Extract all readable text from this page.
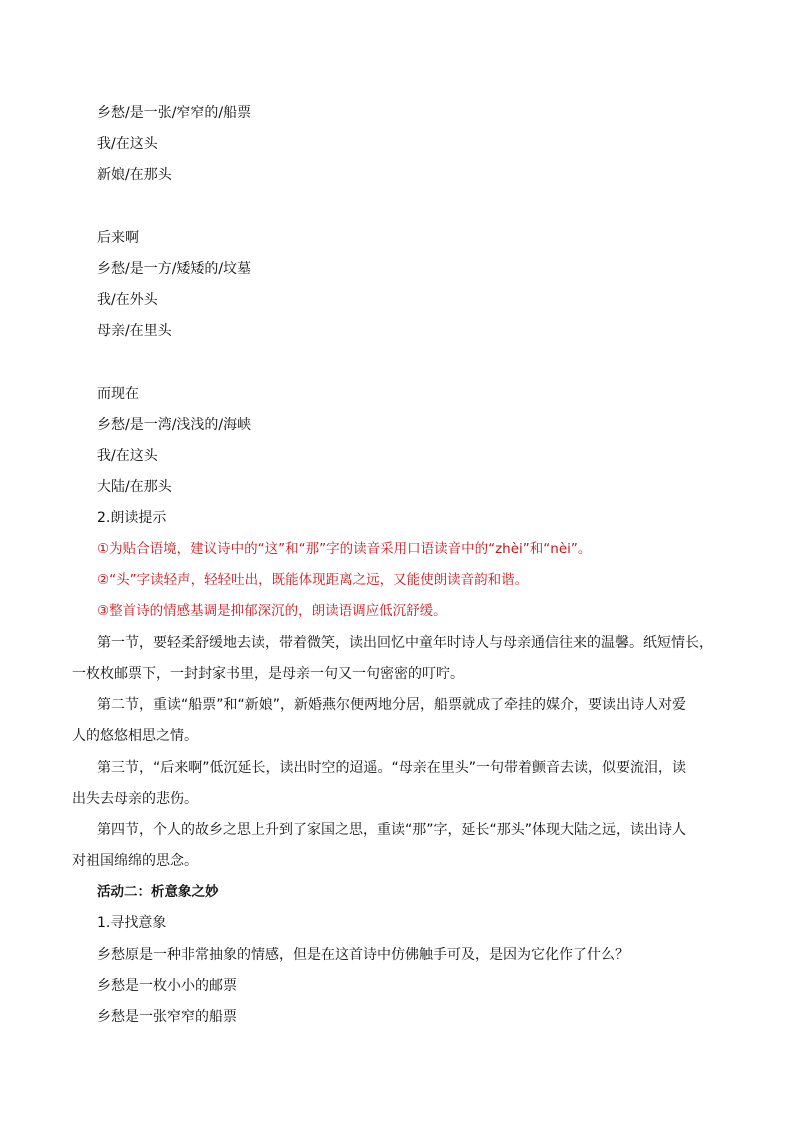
乡愁/是一张/窄窄的/船票
我/在这头
新娘/在那头
后来啊
乡愁/是一方/矮矮的/坟墓
我/在外头
母亲/在里头
而现在
乡愁/是一湾/浅浅的/海峡
我/在这头
大陆/在那头
2.朗读提示
①为贴合语境，建议诗中的“这”和“那”字的读音采用口语读音中的“zhèi”和“nèi”。
②“头”字读轻声，轻轻吐出，既能体现距离之远，又能使朗读音韵和谐。
③整首诗的情感基调是抑郁深沉的，朗读语调应低沉舒缓。
第一节，要轻柔舒缓地去读，带着微笑，读出回忆中童年时诗人与母亲通信往来的温馨。纸短情长，
一枚枚邮票下，一封封家书里，是母亲一句又一句密密的叮咛。
第二节，重读“船票”和“新娘”，新婚燕尔便两地分居，船票就成了牵挂的媒介，要读出诗人对爱
人的悠悠相思之情。
第三节，“后来啊”低沉延长，读出时空的迢遥。“母亲在里头”一句带着颤音去读，似要流泪，读
出失去母亲的悲伤。
第四节，个人的故乡之思上升到了家国之思，重读“那”字，延长“那头”体现大陆之远，读出诗人
对祖国绵绵的思念。
活动二：析意象之妙
1.寻找意象
乡愁原是一种非常抽象的情感，但是在这首诗中仿佛触手可及，是因为它化作了什么？
乡愁是一枚小小的邮票
乡愁是一张窄窄的船票
